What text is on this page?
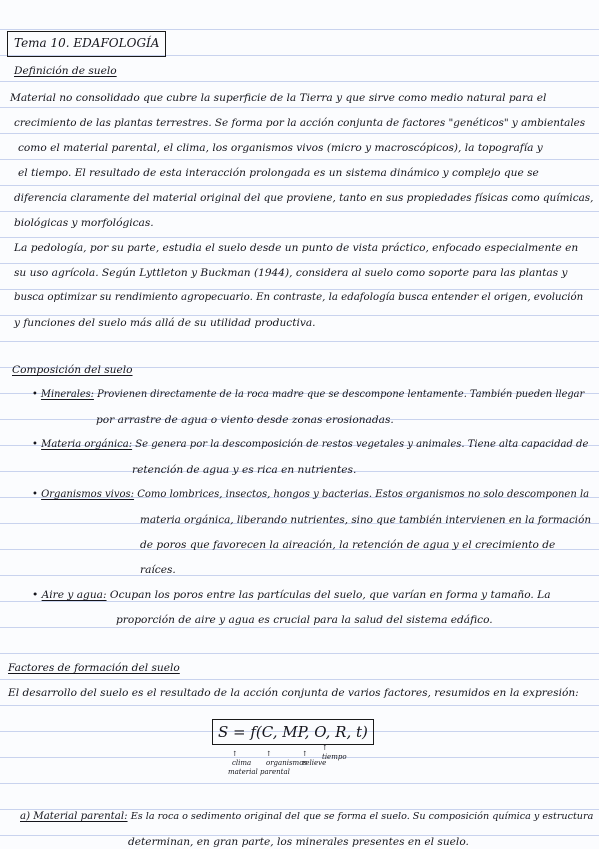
Tema 10. EDAFOLOGÍA
Definición de suelo
Material no consolidado que cubre la superficie de la Tierra y que sirve como medio natural para el
crecimiento de las plantas terrestres. Se forma por la acción conjunta de factores "genéticos" y ambientales
como el material parental, el clima, los organismos vivos (micro y macroscópicos), la topografía y
el tiempo. El resultado de esta interacción prolongada es un sistema dinámico y complejo que se
diferencia claramente del material original del que proviene, tanto en sus propiedades físicas como químicas,
biológicas y morfológicas.
La pedología, por su parte, estudia el suelo desde un punto de vista práctico, enfocado especialmente en
su uso agrícola. Según Lyttleton y Buckman (1944), considera al suelo como soporte para las plantas y
busca optimizar su rendimiento agropecuario. En contraste, la edafología busca entender el origen, evolución
y funciones del suelo más allá de su utilidad productiva.
Composición del suelo
• Minerales: Provienen directamente de la roca madre que se descompone lentamente. También pueden llegar
por arrastre de agua o viento desde zonas erosionadas.
• Materia orgánica: Se genera por la descomposición de restos vegetales y animales. Tiene alta capacidad de
retención de agua y es rica en nutrientes.
• Organismos vivos: Como lombrices, insectos, hongos y bacterias. Estos organismos no solo descomponen la
materia orgánica, liberando nutrientes, sino que también intervienen en la formación
de poros que favorecen la aireación, la retención de agua y el crecimiento de
raíces.
• Aire y agua: Ocupan los poros entre las partículas del suelo, que varían en forma y tamaño. La
proporción de aire y agua es crucial para la salud del sistema edáfico.
Factores de formación del suelo
El desarrollo del suelo es el resultado de la acción conjunta de varios factores, resumidos en la expresión:
S = f(C, MP, O, R, t)
↑
clima
material parental
↑
organismos
↑
relieve
↑
tiempo
a) Material parental: Es la roca o sedimento original del que se forma el suelo. Su composición química y estructura
determinan, en gran parte, los minerales presentes en el suelo.
